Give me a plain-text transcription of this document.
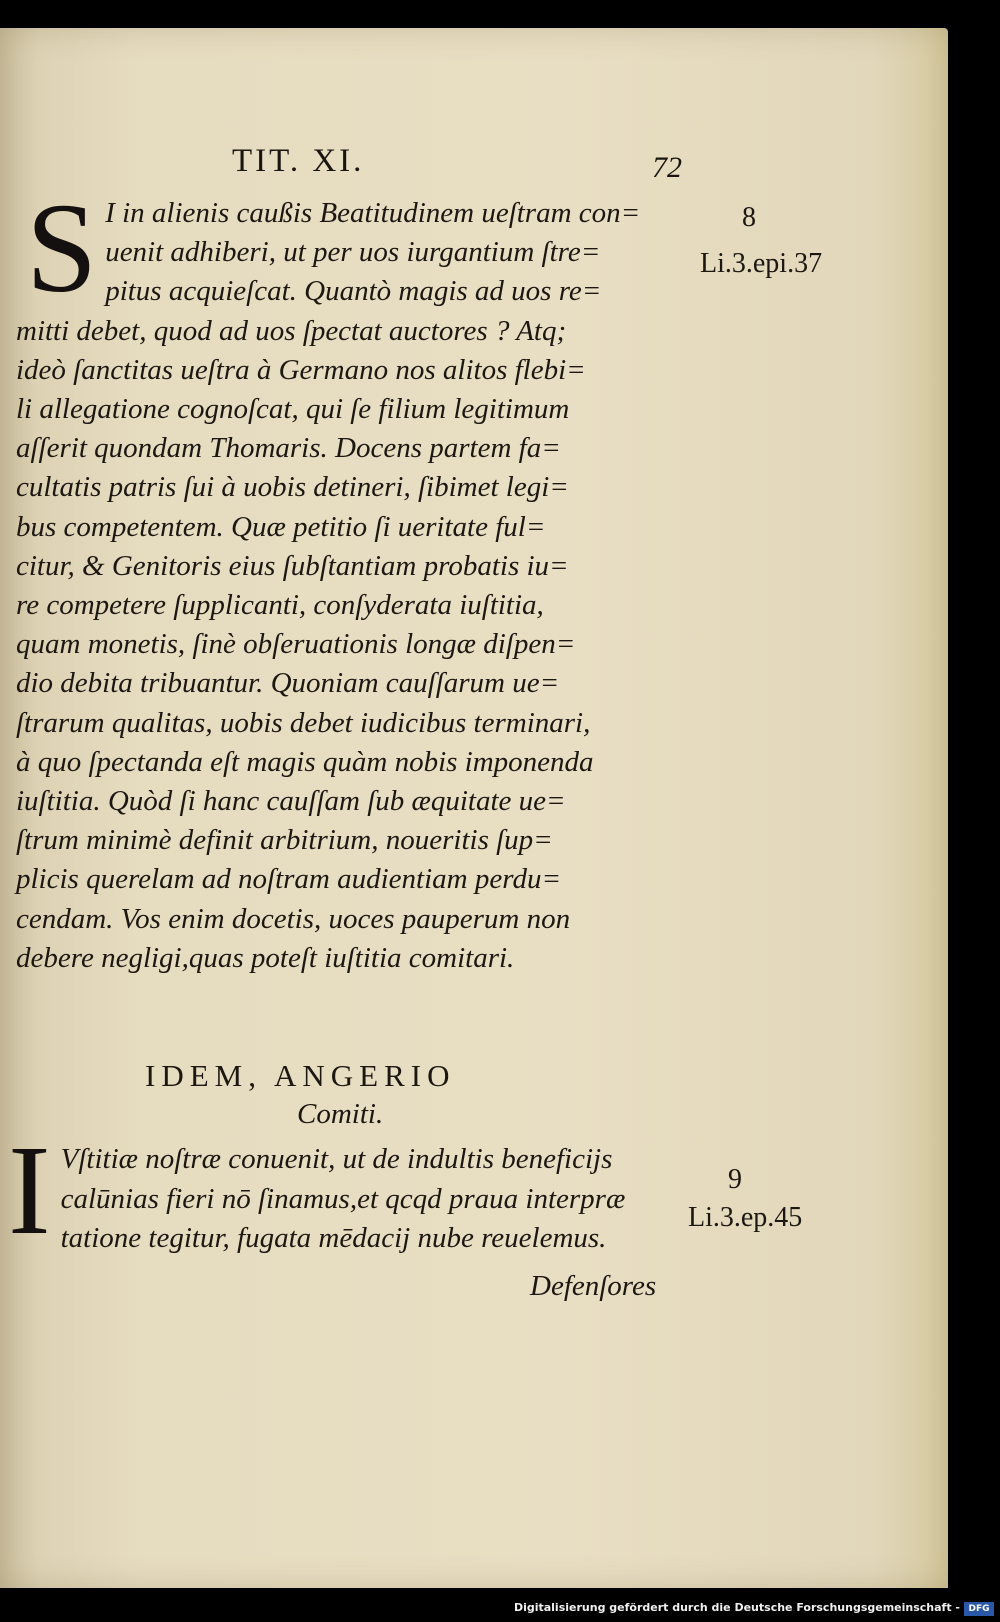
TIT. XI.	72
S I in alienis caußis Beatitudinem ueſtram con=
uenit adhiberi, ut per uos iurgantium ſtre=
pitus acquieſcat. Quantò magis ad uos re=
mitti debet, quod ad uos ſpectat auctores ? Atq;
ideò ſanctitas ueſtra à Germano nos alitos flebi=
li allegatione cognoſcat, qui ſe filium legitimum
aſſerit quondam Thomaris. Docens partem fa=
cultatis patris ſui à uobis detineri, ſibimet legi=
bus competentem. Quæ petitio ſi ueritate ful=
citur, & Genitoris eius ſubſtantiam probatis iu=
re competere ſupplicanti, conſyderata iuſtitia,
quam monetis, ſinè obſeruationis longæ diſpen=
dio debita tribuantur. Quoniam cauſſarum ue=
ſtrarum qualitas, uobis debet iudicibus terminari,
à quo ſpectanda eſt magis quàm nobis imponenda
iuſtitia. Quòd ſi hanc cauſſam ſub æquitate ue=
ſtrum minimè definit arbitrium, noueritis ſup=
plicis querelam ad noſtram audientiam perdu=
cendam. Vos enim docetis, uoces pauperum non
debere negligi,quas poteſt iuſtitia comitari.
8
Li.3.epi.37
IDEM, ANGERIO
Comiti.
I Vſtitiæ noſtræ conuenit, ut de indultis beneficijs
calūnias fieri nō ſinamus,et qcqd praua interpræ
tatione tegitur, fugata mēdacij nube reuelemus.
9
Li.3.ep.45
Defenſores
Digitalisierung gefördert durch die Deutsche Forschungsgemeinschaft - DFG
